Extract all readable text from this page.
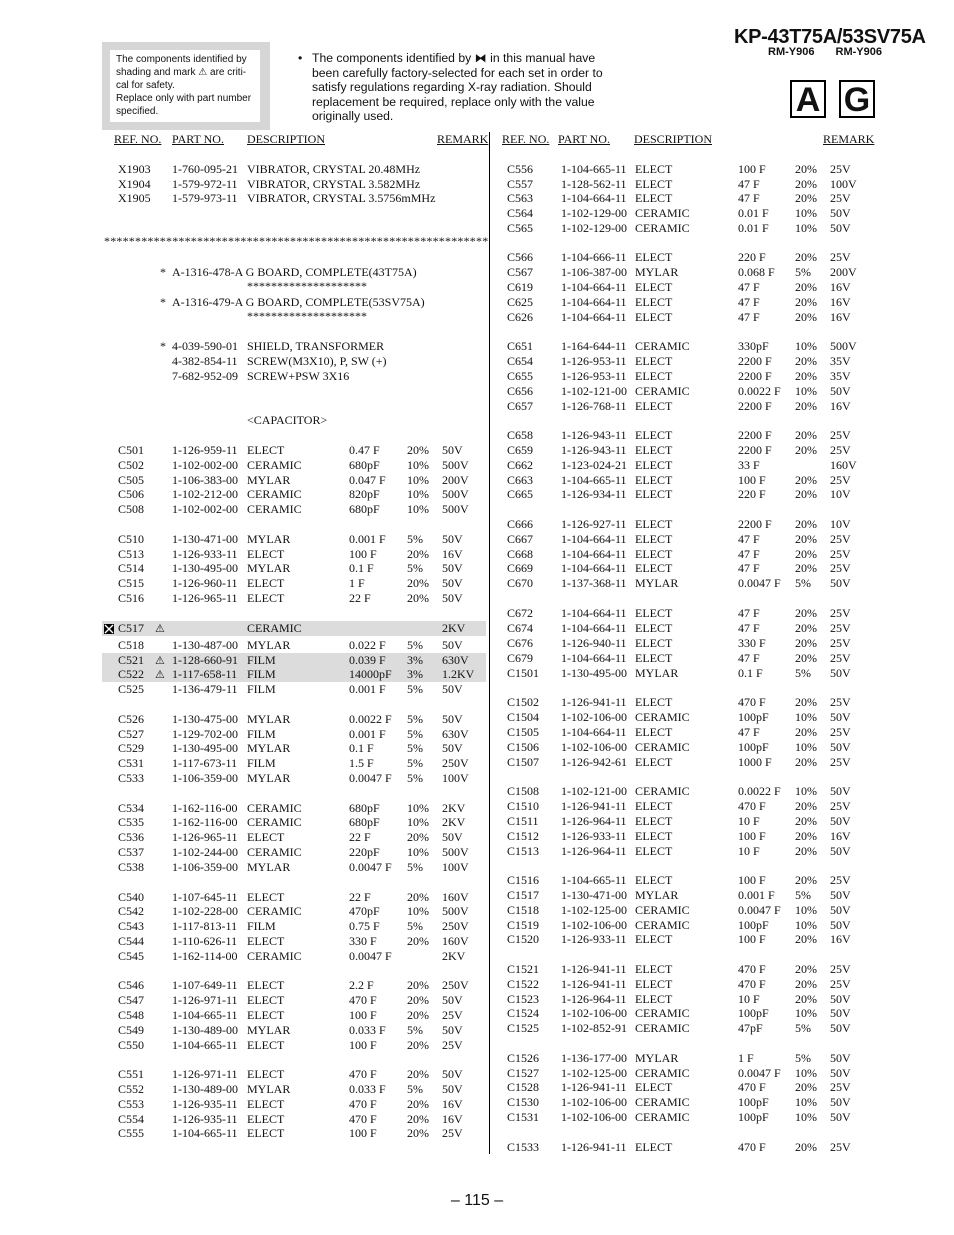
KP-43T75A/53SV75A
RM-Y906 RM-Y906
The components identified by
shading and mark ⚠ are criti-
cal for safety.
Replace only with part number
specified.
• The components identified by ⧓ in this manual have been carefully factory-selected for each set in order to satisfy regulations regarding X-ray radiation. Should replacement be required, replace only with the value originally used.	A G
REF. NO. PART NO. DESCRIPTION	REMARK REF. NO. PART NO. DESCRIPTION	REMARK
X1903 1-760-095-21 VIBRATOR, CRYSTAL 20.48MHz
X1904 1-579-972-11 VIBRATOR, CRYSTAL 3.582MHz
X1905 1-579-973-11 VIBRATOR, CRYSTAL 3.5756mMHz
**************************************************************
* A-1316-478-A G BOARD, COMPLETE(43T75A)
********************
* A-1316-479-A G BOARD, COMPLETE(53SV75A)
********************
* 4-039-590-01 SHIELD, TRANSFORMER
4-382-854-11 SCREW(M3X10), P, SW (+)
7-682-952-09 SCREW+PSW 3X16
<CAPACITOR>
C501 1-126-959-11 ELECT	0.47 F 20% 50V
C502 1-102-002-00 CERAMIC	680pF 10% 500V
C505 1-106-383-00 MYLAR	0.047 F 10% 200V
C506 1-102-212-00 CERAMIC	820pF 10% 500V
C508 1-102-002-00 CERAMIC	680pF 10% 500V
C510 1-130-471-00 MYLAR	0.001 F 5% 50V
C513 1-126-933-11 ELECT	100 F	20% 16V
C514 1-130-495-00 MYLAR	0.1 F	5% 50V
C515 1-126-960-11 ELECT	1 F	20% 50V
C516 1-126-965-11 ELECT	22 F	20% 50V
C517 ⚠	CERAMIC	2KV
C518 1-130-487-00 MYLAR	0.022 F 5% 50V
C521 ⚠ 1-128-660-91 FILM	0.039 F 3% 630V
C522 ⚠ 1-117-658-11 FILM	14000pF 3% 1.2KV
C525 1-136-479-11 FILM	0.001 F 5% 50V
C526 1-130-475-00 MYLAR	0.0022 F 5% 50V
C527 1-129-702-00 FILM	0.001 F 5% 630V
C529 1-130-495-00 MYLAR	0.1 F	5% 50V
C531 1-117-673-11 FILM	1.5 F	5% 250V
C533 1-106-359-00 MYLAR	0.0047 F 5% 100V
C534 1-162-116-00 CERAMIC	680pF 10% 2KV
C535 1-162-116-00 CERAMIC	680pF 10% 2KV
C536 1-126-965-11 ELECT	22 F	20% 50V
C537 1-102-244-00 CERAMIC	220pF 10% 500V
C538 1-106-359-00 MYLAR	0.0047 F 5% 100V
C540 1-107-645-11 ELECT	22 F	20% 160V
C542 1-102-228-00 CERAMIC	470pF 10% 500V
C543 1-117-813-11 FILM	0.75 F 5% 250V
C544 1-110-626-11 ELECT	330 F	20% 160V
C545 1-162-114-00 CERAMIC	0.0047 F	2KV
C546 1-107-649-11 ELECT	2.2 F	20% 250V
C547 1-126-971-11 ELECT	470 F	20% 50V
C548 1-104-665-11 ELECT	100 F	20% 25V
C549 1-130-489-00 MYLAR	0.033 F 5% 50V
C550 1-104-665-11 ELECT	100 F	20% 25V
C551 1-126-971-11 ELECT	470 F	20% 50V
C552 1-130-489-00 MYLAR	0.033 F 5% 50V
C553 1-126-935-11 ELECT	470 F	20% 16V
C554 1-126-935-11 ELECT	470 F	20% 16V
C555 1-104-665-11 ELECT	100 F	20% 25V
C556 1-104-665-11 ELECT	100 F 20% 25V
C557 1-128-562-11 ELECT	47 F	20% 100V
C563 1-104-664-11 ELECT	47 F	20% 25V
C564 1-102-129-00 CERAMIC	0.01 F 10% 50V
C565 1-102-129-00 CERAMIC	0.01 F 10% 50V
C566 1-104-666-11 ELECT	220 F 20% 25V
C567 1-106-387-00 MYLAR	0.068 F 5% 200V
C619 1-104-664-11 ELECT	47 F	20% 16V
C625 1-104-664-11 ELECT	47 F	20% 16V
C626 1-104-664-11 ELECT	47 F	20% 16V
C651 1-164-644-11 CERAMIC	330pF 10% 500V
C654 1-126-953-11 ELECT	2200 F 20% 35V
C655 1-126-953-11 ELECT	2200 F 20% 35V
C656 1-102-121-00 CERAMIC	0.0022 F 10% 50V
C657 1-126-768-11 ELECT	2200 F 20% 16V
C658 1-126-943-11 ELECT	2200 F 20% 25V
C659 1-126-943-11 ELECT	2200 F 20% 25V
C662 1-123-024-21 ELECT	33 F	160V
C663 1-104-665-11 ELECT	100 F 20% 25V
C665 1-126-934-11 ELECT	220 F 20% 10V
C666 1-126-927-11 ELECT	2200 F 20% 10V
C667 1-104-664-11 ELECT	47 F	20% 25V
C668 1-104-664-11 ELECT	47 F	20% 25V
C669 1-104-664-11 ELECT	47 F	20% 25V
C670 1-137-368-11 MYLAR	0.0047 F 5% 50V
C672 1-104-664-11 ELECT	47 F	20% 25V
C674 1-104-664-11 ELECT	47 F	20% 25V
C676 1-126-940-11 ELECT	330 F 20% 25V
C679 1-104-664-11 ELECT	47 F	20% 25V
C1501 1-130-495-00 MYLAR	0.1 F	5% 50V
C1502 1-126-941-11 ELECT	470 F 20% 25V
C1504 1-102-106-00 CERAMIC	100pF 10% 50V
C1505 1-104-664-11 ELECT	47 F	20% 25V
C1506 1-102-106-00 CERAMIC	100pF 10% 50V
C1507 1-126-942-61 ELECT	1000 F 20% 25V
C1508 1-102-121-00 CERAMIC	0.0022 F 10% 50V
C1510 1-126-941-11 ELECT	470 F 20% 25V
C1511 1-126-964-11 ELECT	10 F	20% 50V
C1512 1-126-933-11 ELECT	100 F 20% 16V
C1513 1-126-964-11 ELECT	10 F	20% 50V
C1516 1-104-665-11 ELECT	100 F 20% 25V
C1517 1-130-471-00 MYLAR	0.001 F 5% 50V
C1518 1-102-125-00 CERAMIC	0.0047 F 10% 50V
C1519 1-102-106-00 CERAMIC	100pF 10% 50V
C1520 1-126-933-11 ELECT	100 F 20% 16V
C1521 1-126-941-11 ELECT	470 F 20% 25V
C1522 1-126-941-11 ELECT	470 F 20% 25V
C1523 1-126-964-11 ELECT	10 F	20% 50V
C1524 1-102-106-00 CERAMIC	100pF 10% 50V
C1525 1-102-852-91 CERAMIC	47pF	5% 50V
C1526 1-136-177-00 MYLAR	1 F	5% 50V
C1527 1-102-125-00 CERAMIC	0.0047 F 10% 50V
C1528 1-126-941-11 ELECT	470 F 20% 25V
C1530 1-102-106-00 CERAMIC	100pF 10% 50V
C1531 1-102-106-00 CERAMIC	100pF 10% 50V
C1533 1-126-941-11 ELECT	470 F 20% 25V
– 115 –
